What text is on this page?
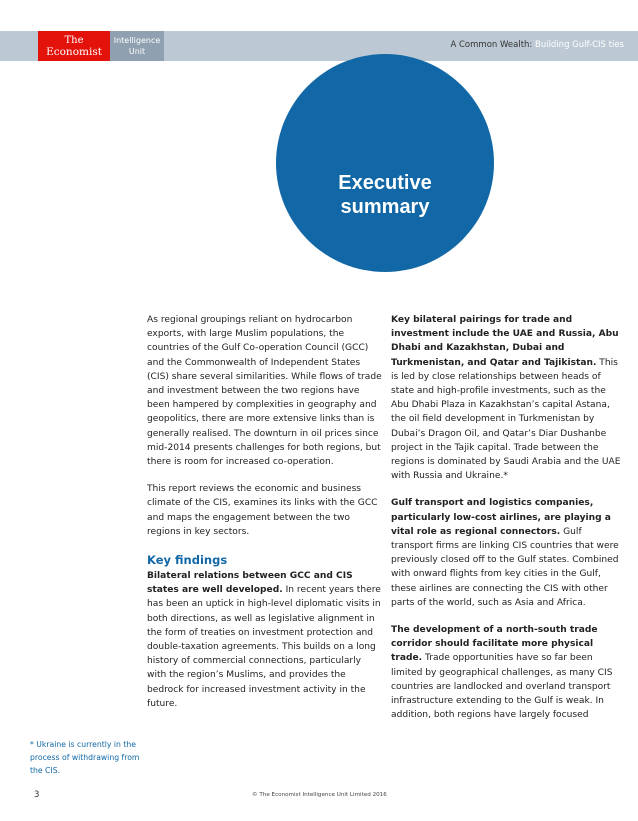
The
Economist
Intelligence
Unit
A Common Wealth: Building Gulf-CIS ties
Executive
summary

As regional groupings reliant on hydrocarbon exports, with large Muslim populations, the countries of the Gulf Co-operation Council (GCC) and the Commonwealth of Independent States (CIS) share several similarities. While flows of trade and investment between the two regions have been hampered by complexities in geography and geopolitics, there are more extensive links than is generally realised. The downturn in oil prices since mid-2014 presents challenges for both regions, but there is room for increased co-operation.

This report reviews the economic and business climate of the CIS, examines its links with the GCC and maps the engagement between the two regions in key sectors.

Key findings

Bilateral relations between GCC and CIS states are well developed. In recent years there has been an uptick in high-level diplomatic visits in both directions, as well as legislative alignment in the form of treaties on investment protection and double-taxation agreements. This builds on a long history of commercial connections, particularly with the region’s Muslims, and provides the bedrock for increased investment activity in the future.

Key bilateral pairings for trade and investment include the UAE and Russia, Abu Dhabi and Kazakhstan, Dubai and Turkmenistan, and Qatar and Tajikistan. This is led by close relationships between heads of state and high-profile investments, such as the Abu Dhabi Plaza in Kazakhstan’s capital Astana, the oil field development in Turkmenistan by Dubai’s Dragon Oil, and Qatar’s Diar Dushanbe project in the Tajik capital. Trade between the regions is dominated by Saudi Arabia and the UAE with Russia and Ukraine.*

Gulf transport and logistics companies, particularly low-cost airlines, are playing a vital role as regional connectors. Gulf transport firms are linking CIS countries that were previously closed off to the Gulf states. Combined with onward flights from key cities in the Gulf, these airlines are connecting the CIS with other parts of the world, such as Asia and Africa.

The development of a north-south trade corridor should facilitate more physical trade. Trade opportunities have so far been limited by geographical challenges, as many CIS countries are landlocked and overland transport infrastructure extending to the Gulf is weak. In addition, both regions have largely focused

* Ukraine is currently in the process of withdrawing from the CIS.
3	© The Economist Intelligence Unit Limited 2016
